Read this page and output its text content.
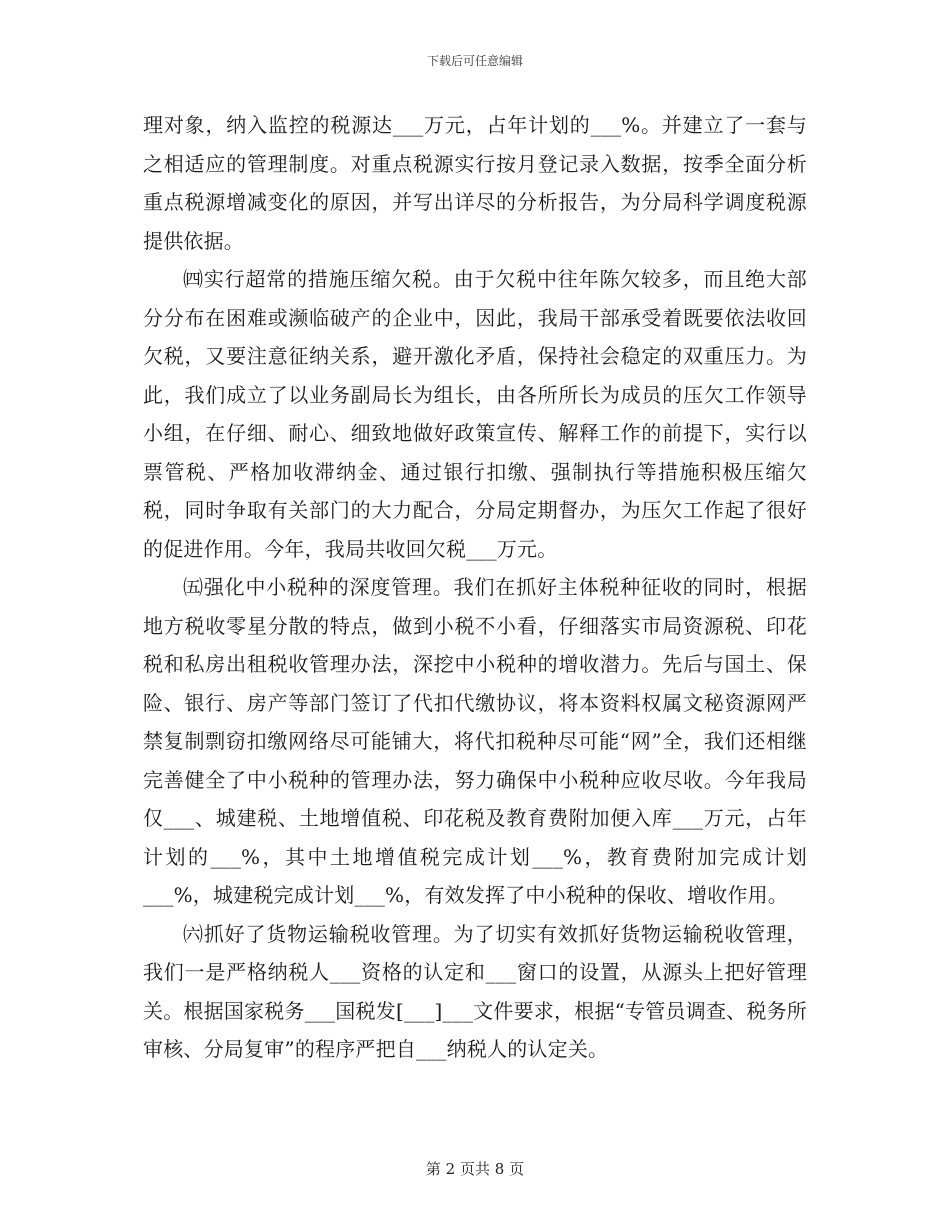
下载后可任意编辑

理对象，纳入监控的税源达___万元，占年计划的___%。并建立了一套与之相适应的管理制度。对重点税源实行按月登记录入数据，按季全面分析重点税源增减变化的原因，并写出详尽的分析报告，为分局科学调度税源提供依据。

㈣实行超常的措施压缩欠税。由于欠税中往年陈欠较多，而且绝大部分分布在困难或濒临破产的企业中，因此，我局干部承受着既要依法收回欠税，又要注意征纳关系，避开激化矛盾，保持社会稳定的双重压力。为此，我们成立了以业务副局长为组长，由各所所长为成员的压欠工作领导小组，在仔细、耐心、细致地做好政策宣传、解释工作的前提下，实行以票管税、严格加收滞纳金、通过银行扣缴、强制执行等措施积极压缩欠税，同时争取有关部门的大力配合，分局定期督办，为压欠工作起了很好的促进作用。今年，我局共收回欠税___万元。

㈤强化中小税种的深度管理。我们在抓好主体税种征收的同时，根据地方税收零星分散的特点，做到小税不小看，仔细落实市局资源税、印花税和私房出租税收管理办法，深挖中小税种的增收潜力。先后与国土、保险、银行、房产等部门签订了代扣代缴协议，将本资料权属文秘资源网严禁复制剽窃扣缴网络尽可能铺大，将代扣税种尽可能“网”全，我们还相继完善健全了中小税种的管理办法，努力确保中小税种应收尽收。今年我局仅___、城建税、土地增值税、印花税及教育费附加便入库___万元，占年计划的___%，其中土地增值税完成计划___%，教育费附加完成计划___%，城建税完成计划___%，有效发挥了中小税种的保收、增收作用。

㈥抓好了货物运输税收管理。为了切实有效抓好货物运输税收管理，我们一是严格纳税人___资格的认定和___窗口的设置，从源头上把好管理关。根据国家税务___国税发[___]___文件要求，根据“专管员调查、税务所审核、分局复审”的程序严把自___纳税人的认定关。

第 2 页共 8 页
